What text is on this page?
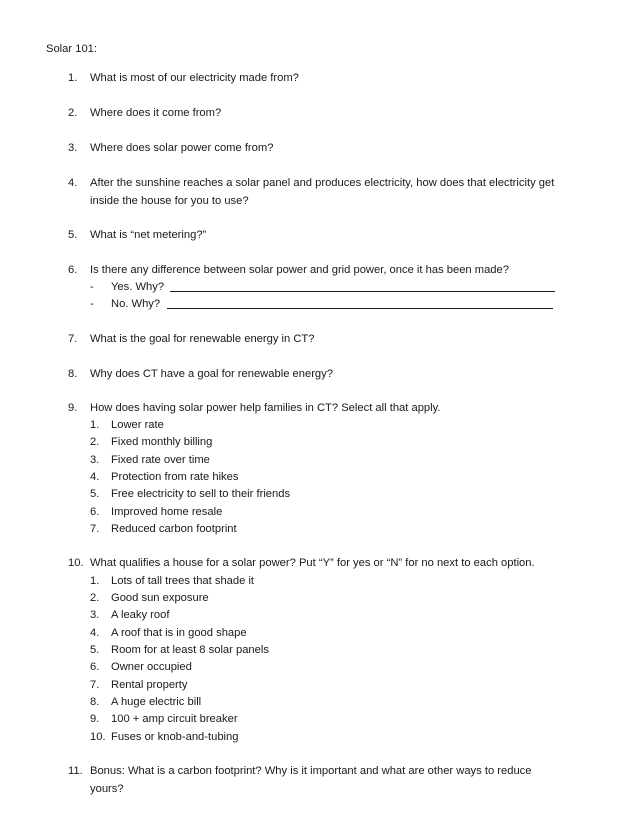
Solar 101:
1.	What is most of our electricity made from?
2.	Where does it come from?
3.	Where does solar power come from?
4.	After the sunshine reaches a solar panel and produces electricity, how does that electricity get
inside the house for you to use?
5.	What is “net metering?”
6.	Is there any difference between solar power and grid power, once it has been made?
- Yes. Why?
- No. Why?
7.	What is the goal for renewable energy in CT?
8.	Why does CT have a goal for renewable energy?
9.	How does having solar power help families in CT? Select all that apply.
1.	Lower rate
2.	Fixed monthly billing
3.	Fixed rate over time
4.	Protection from rate hikes
5.	Free electricity to sell to their friends
6.	Improved home resale
7.	Reduced carbon footprint
10. What qualifies a house for a solar power? Put “Y” for yes or “N” for no next to each option.
1.	Lots of tall trees that shade it
2.	Good sun exposure
3.	A leaky roof
4.	A roof that is in good shape
5.	Room for at least 8 solar panels
6.	Owner occupied
7.	Rental property
8.	A huge electric bill
9.	100 + amp circuit breaker
10. Fuses or knob-and-tubing
11. Bonus: What is a carbon footprint? Why is it important and what are other ways to reduce
yours?
